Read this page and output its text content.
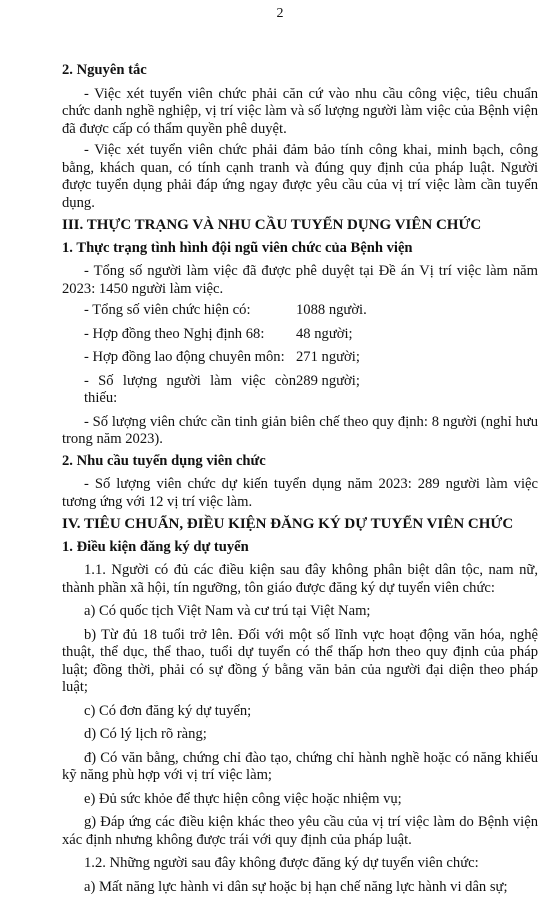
2

2. Nguyên tắc

- Việc xét tuyển viên chức phải căn cứ vào nhu cầu công việc, tiêu chuẩn chức danh nghề nghiệp, vị trí việc làm và số lượng người làm việc của Bệnh viện đã được cấp có thẩm quyền phê duyệt.

- Việc xét tuyển viên chức phải đảm bảo tính công khai, minh bạch, công bằng, khách quan, có tính cạnh tranh và đúng quy định của pháp luật. Người được tuyển dụng phải đáp ứng ngay được yêu cầu của vị trí việc làm cần tuyển dụng.

III. THỰC TRẠNG VÀ NHU CẦU TUYỂN DỤNG VIÊN CHỨC

1. Thực trạng tình hình đội ngũ viên chức của Bệnh viện

- Tổng số người làm việc đã được phê duyệt tại Đề án Vị trí việc làm năm 2023: 1450 người làm việc.

- Tổng số viên chức hiện có:	1088 người.
- Hợp đồng theo Nghị định 68:	48 người;
- Hợp đồng lao động chuyên môn: 271 người;
- Số lượng người làm việc còn thiếu:
289 người;

- Số lượng viên chức cần tinh giản biên chế theo quy định: 8 người (nghỉ hưu trong năm 2023).

2. Nhu cầu tuyển dụng viên chức

- Số lượng viên chức dự kiến tuyển dụng năm 2023: 289 người làm việc tương ứng với 12 vị trí việc làm.

IV. TIÊU CHUẨN, ĐIỀU KIỆN ĐĂNG KÝ DỰ TUYỂN VIÊN CHỨC

1. Điều kiện đăng ký dự tuyển

1.1. Người có đủ các điều kiện sau đây không phân biệt dân tộc, nam nữ, thành phần xã hội, tín ngưỡng, tôn giáo được đăng ký dự tuyển viên chức:

a) Có quốc tịch Việt Nam và cư trú tại Việt Nam;

b) Từ đủ 18 tuổi trở lên. Đối với một số lĩnh vực hoạt động văn hóa, nghệ thuật, thể dục, thể thao, tuổi dự tuyển có thể thấp hơn theo quy định của pháp luật; đồng thời, phải có sự đồng ý bằng văn bản của người đại diện theo pháp luật;

c) Có đơn đăng ký dự tuyển;

d) Có lý lịch rõ ràng;

đ) Có văn bằng, chứng chỉ đào tạo, chứng chỉ hành nghề hoặc có năng khiếu kỹ năng phù hợp với vị trí việc làm;

e) Đủ sức khỏe để thực hiện công việc hoặc nhiệm vụ;

g) Đáp ứng các điều kiện khác theo yêu cầu của vị trí việc làm do Bệnh viện xác định nhưng không được trái với quy định của pháp luật.

1.2. Những người sau đây không được đăng ký dự tuyển viên chức:

a) Mất năng lực hành vi dân sự hoặc bị hạn chế năng lực hành vi dân sự;
